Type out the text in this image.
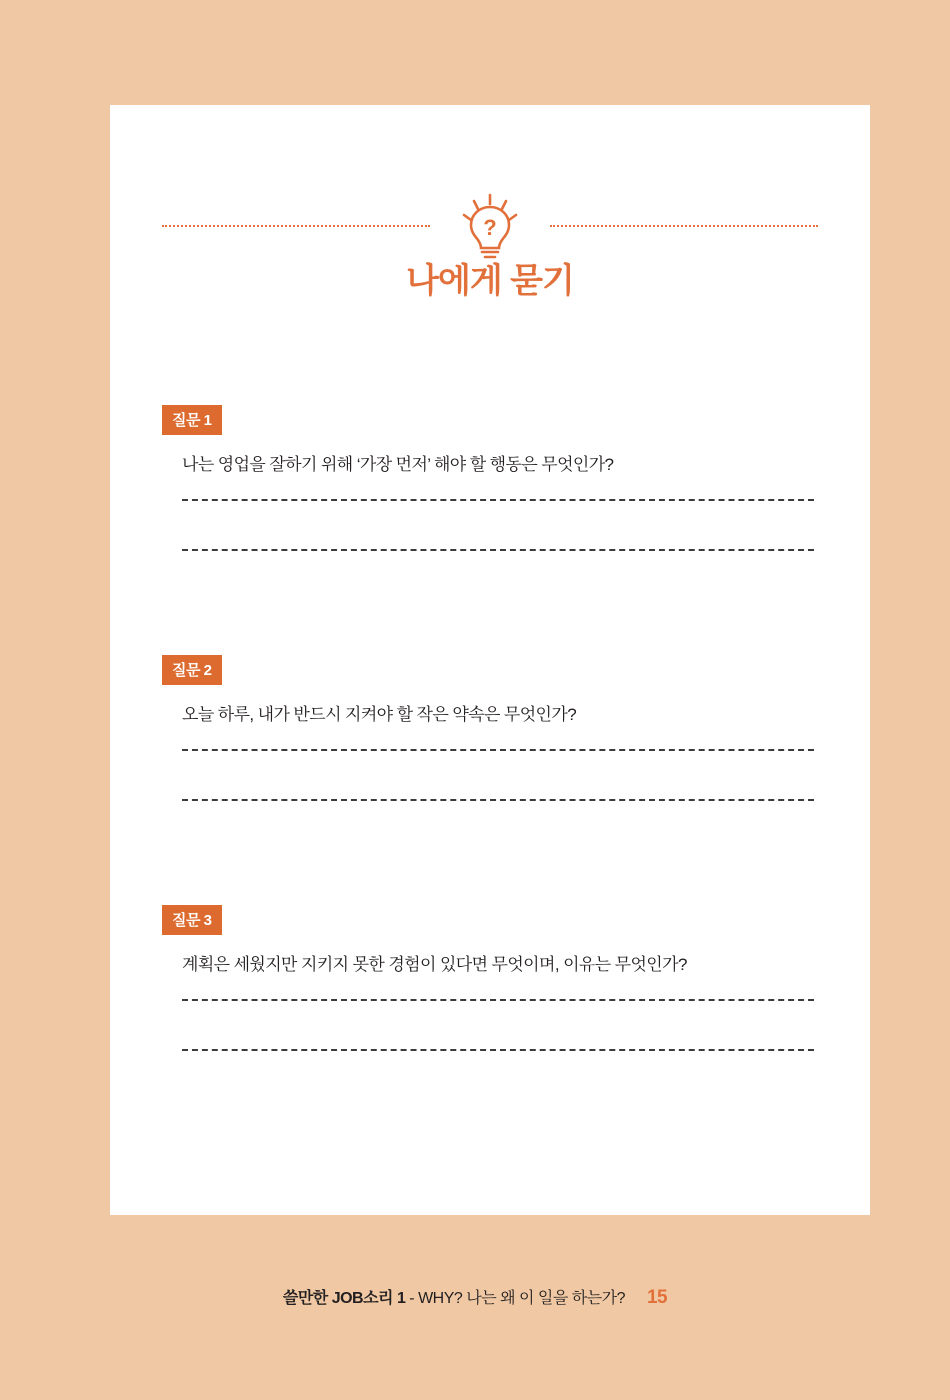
?
나에게 묻기
질문 1
나는 영업을 잘하기 위해 ‘가장 먼저’ 해야 할 행동은 무엇인가?
질문 2
오늘 하루, 내가 반드시 지켜야 할 작은 약속은 무엇인가?
질문 3
계획은 세웠지만 지키지 못한 경험이 있다면 무엇이며, 이유는 무엇인가?
쓸만한 JOB소리 1 - WHY? 나는 왜 이 일을 하는가? 15
